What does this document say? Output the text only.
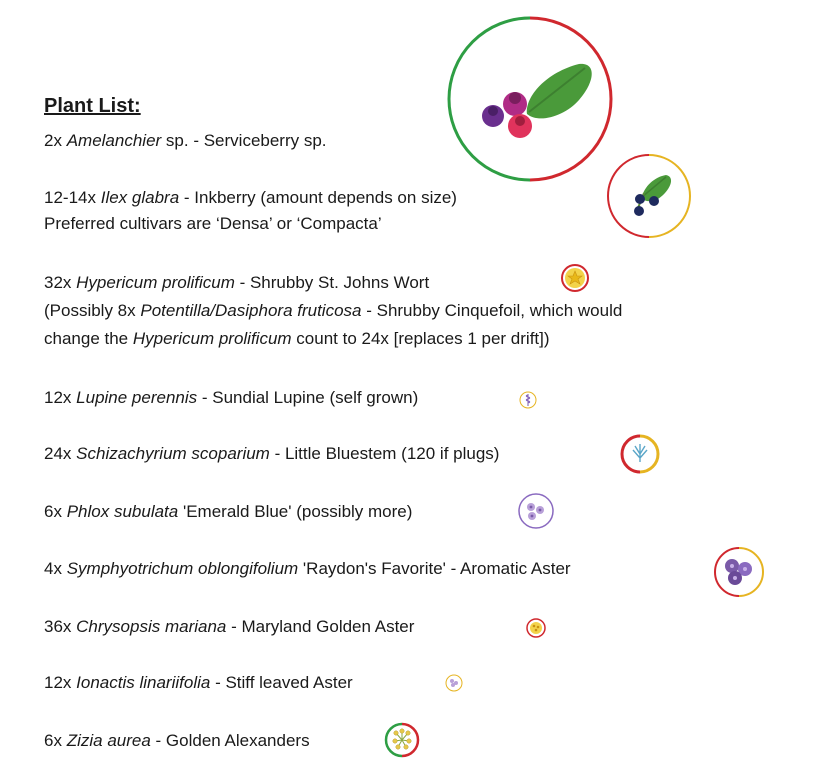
Plant List:
2x Amelanchier sp. - Serviceberry sp.
12-14x Ilex glabra - Inkberry (amount depends on size)
Preferred cultivars are ‘Densa’ or ‘Compacta’
32x Hypericum prolificum - Shrubby St. Johns Wort
(Possibly 8x Potentilla/Dasiphora fruticosa - Shrubby Cinquefoil, which would
change the Hypericum prolificum count to 24x [replaces 1 per drift])
12x Lupine perennis - Sundial Lupine (self grown)
24x Schizachyrium scoparium - Little Bluestem (120 if plugs)
6x Phlox subulata 'Emerald Blue' (possibly more)
4x Symphyotrichum oblongifolium 'Raydon's Favorite' - Aromatic Aster
36x Chrysopsis mariana - Maryland Golden Aster
12x Ionactis linariifolia - Stiff leaved Aster
6x Zizia aurea - Golden Alexanders
